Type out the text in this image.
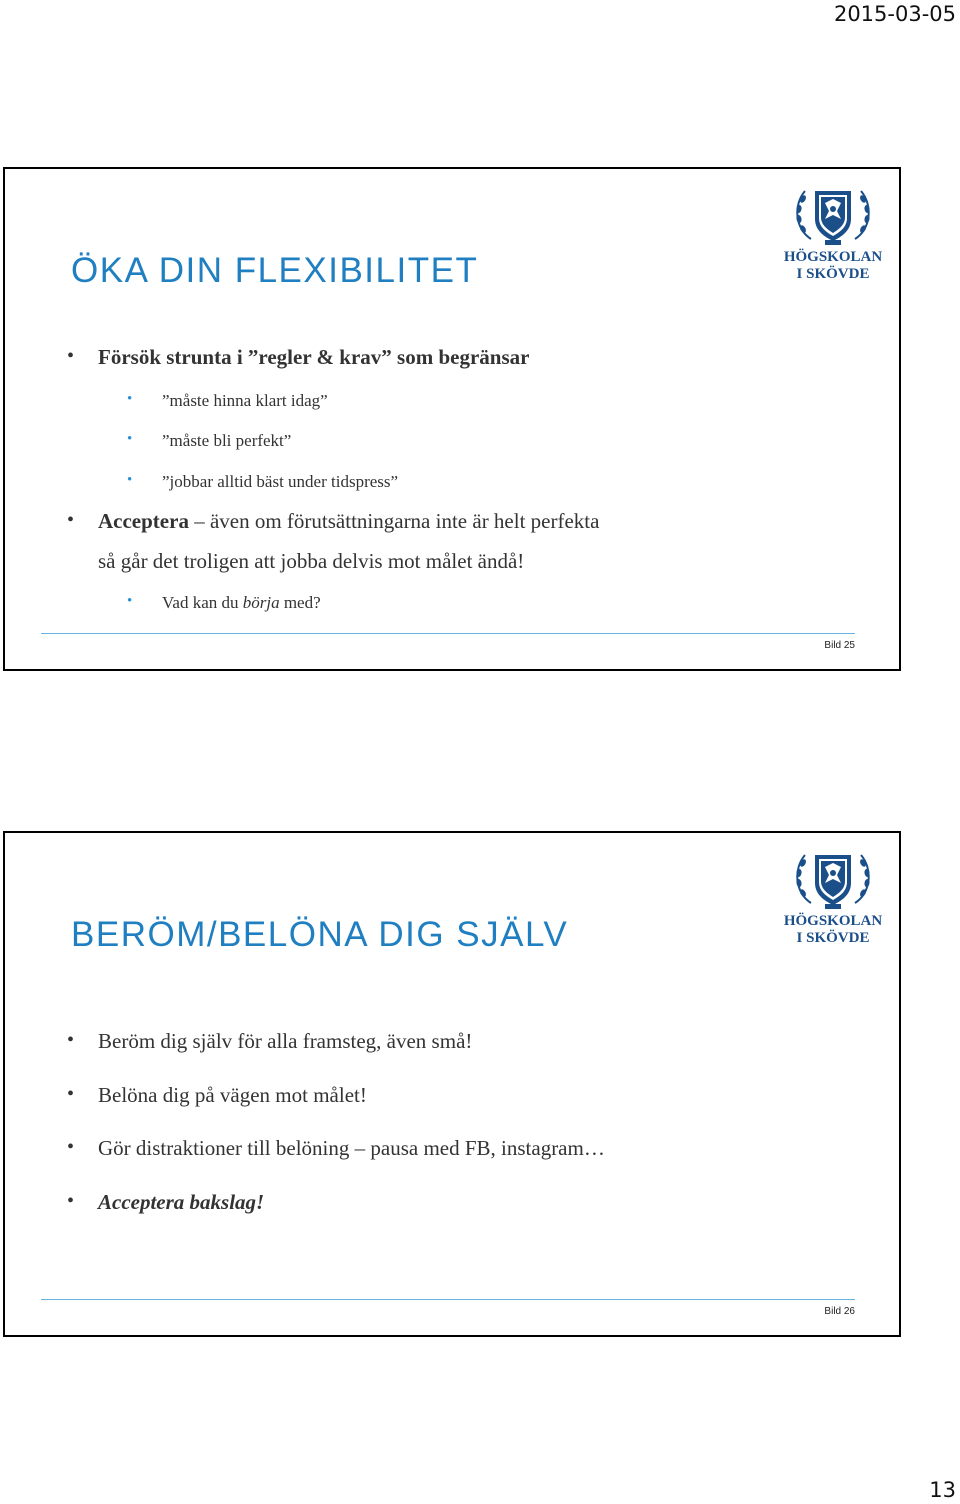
2015-03-05
ÖKA DIN FLEXIBILITET	HÖGSKOLAN
I SKÖVDE
• Försök strunta i ”regler & krav” som begränsar
• ”måste hinna klart idag”
• ”måste bli perfekt”
• ”jobbar alltid bäst under tidspress”
• Acceptera – även om förutsättningarna inte är helt perfekta
så går det troligen att jobba delvis mot målet ändå!
• Vad kan du börja med?
Bild 25
BERÖM/BELÖNA DIG SJÄLV	HÖGSKOLAN
I SKÖVDE
• Beröm dig själv för alla framsteg, även små!
• Belöna dig på vägen mot målet!
• Gör distraktioner till belöning – pausa med FB, instagram…
• Acceptera bakslag!
Bild 26
13
